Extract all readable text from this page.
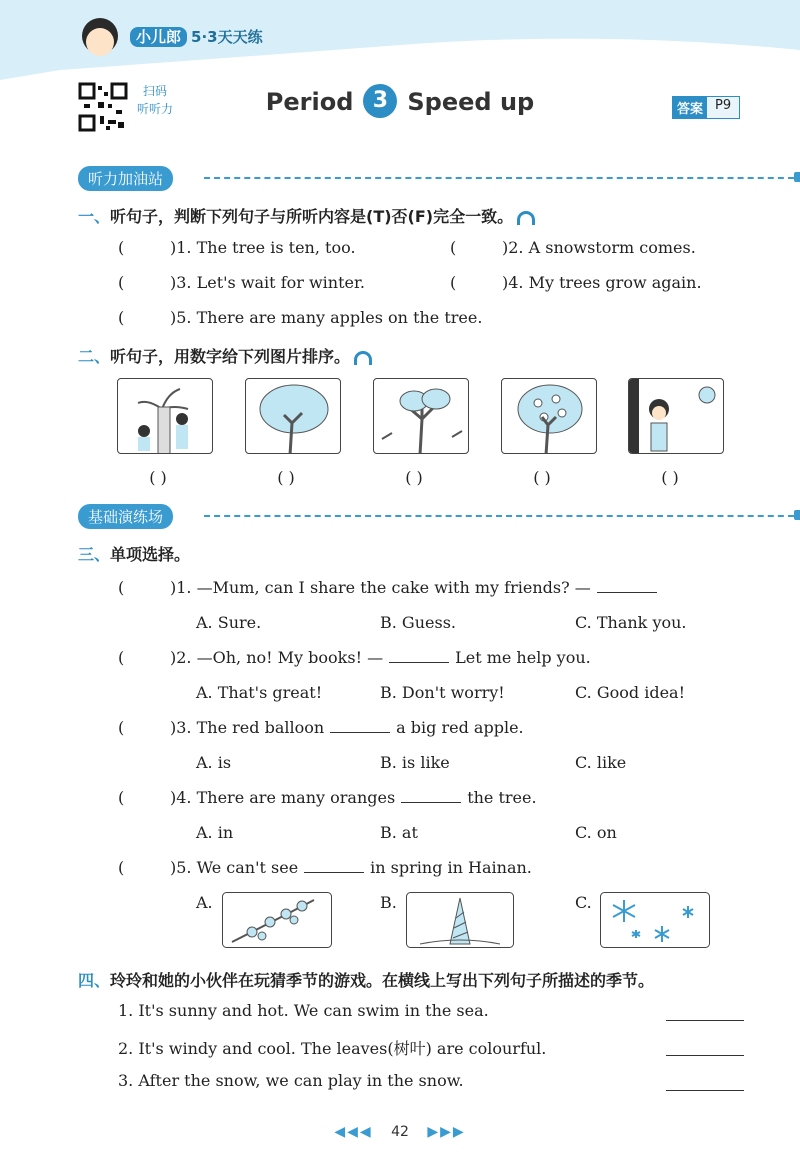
小儿郎 5·3天天练
扫码
听听力	Period 3 Speed up	答案 P9
听力加油站
一、听句子，判断下列句子与所听内容是(T)否(F)完全一致。
(	)1. The tree is ten, too.	(	)2. A snowstorm comes.
(	)3. Let's wait for winter.	(	)4. My trees grow again.
(	)5. There are many apples on the tree.
二、听句子，用数字给下列图片排序。
( )	( )	( )	( )	( )
基础演练场
三、单项选择。
(	)1. —Mum, can I share the cake with my friends? —
A. Sure.	B. Guess.	C. Thank you.
(	)2. —Oh, no! My books! —	Let me help you.
A. That's great!	B. Don't worry!	C. Good idea!
(	)3. The red balloon	a big red apple.
A. is	B. is like	C. like
(	)4. There are many oranges	the tree.
A. in	B. at	C. on
(	)5. We can't see	in spring in Hainan.
A.	B.	C.
四、玲玲和她的小伙伴在玩猜季节的游戏。在横线上写出下列句子所描述的季节。
1. It's sunny and hot. We can swim in the sea.
2. It's windy and cool. The leaves(树叶) are colourful.
3. After the snow, we can play in the snow.
◀◀◀ 42 ▶▶▶
